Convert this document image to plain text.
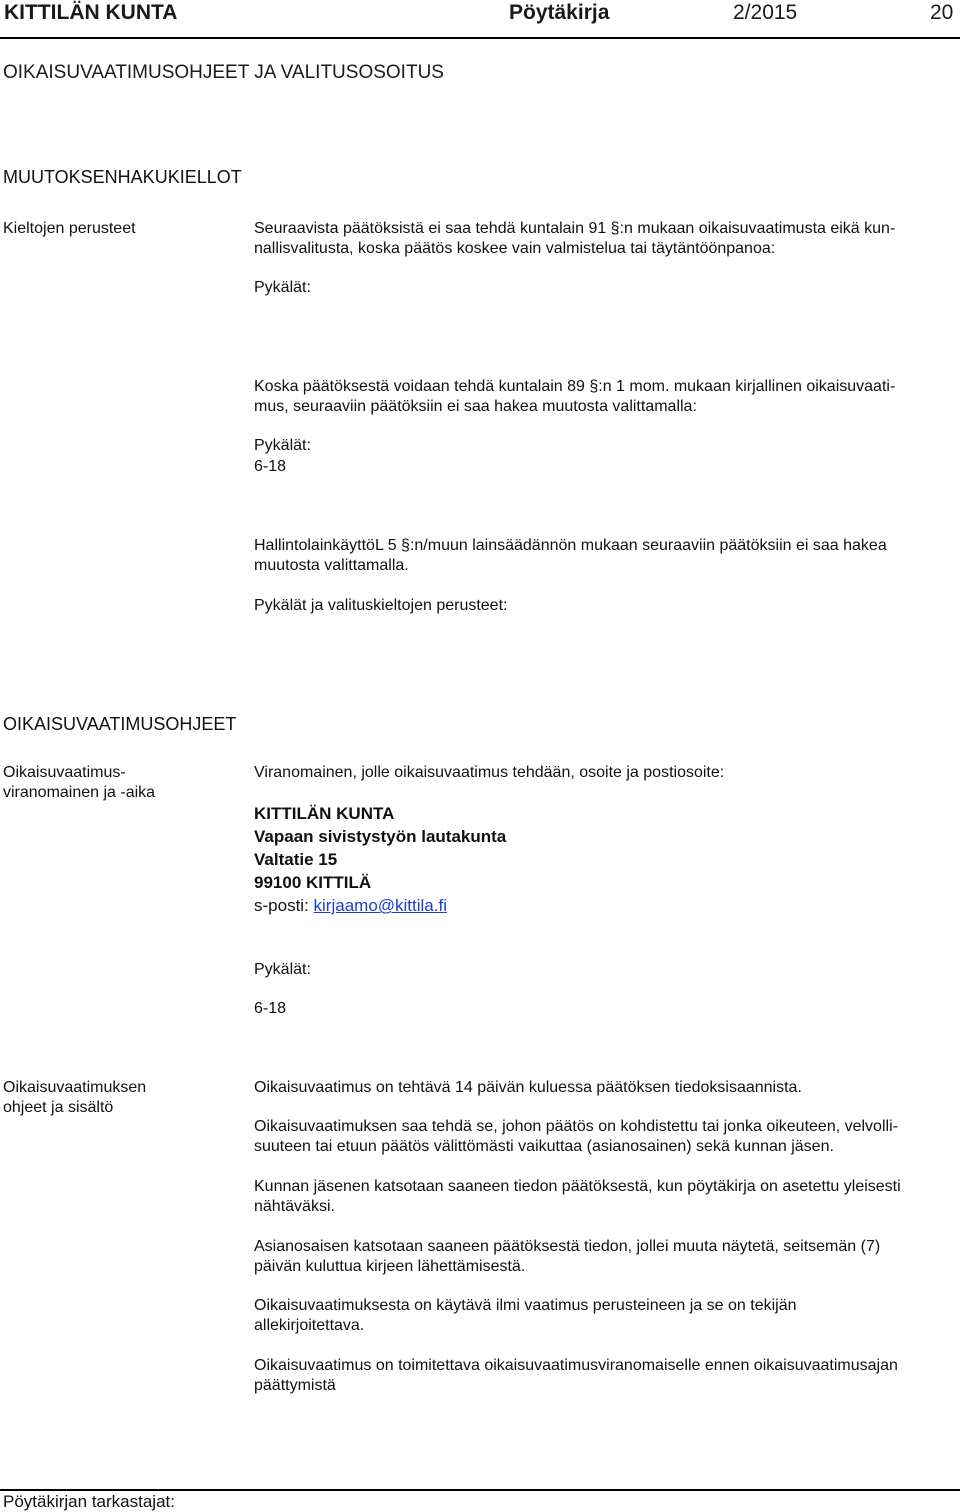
KITTILÄN KUNTA	Pöytäkirja	2/2015	20
OIKAISUVAATIMUSOHJEET JA VALITUSOSOITUS
MUUTOKSENHAKUKIELLOT
Kieltojen perusteet	Seuraavista päätöksistä ei saa tehdä kuntalain 91 §:n mukaan oikaisuvaatimusta eikä kun-
nallisvalitusta, koska päätös koskee vain valmistelua tai täytäntöönpanoa:
Pykälät:
Koska päätöksestä voidaan tehdä kuntalain 89 §:n 1 mom. mukaan kirjallinen oikaisuvaati-
mus, seuraaviin päätöksiin ei saa hakea muutosta valittamalla:
Pykälät:
6-18
HallintolainkäyttöL 5 §:n/muun lainsäädännön mukaan seuraaviin päätöksiin ei saa hakea
muutosta valittamalla.
Pykälät ja valituskieltojen perusteet:
OIKAISUVAATIMUSOHJEET
Oikaisuvaatimus-
viranomainen ja -aika
Viranomainen, jolle oikaisuvaatimus tehdään, osoite ja postiosoite:
KITTILÄN KUNTA
Vapaan sivistystyön lautakunta
Valtatie 15
99100 KITTILÄ
s-posti: kirjaamo@kittila.fi
Pykälät:
6-18
Oikaisuvaatimuksen
ohjeet ja sisältö
Oikaisuvaatimus on tehtävä 14 päivän kuluessa päätöksen tiedoksisaannista.
Oikaisuvaatimuksen saa tehdä se, johon päätös on kohdistettu tai jonka oikeuteen, velvolli-
suuteen tai etuun päätös välittömästi vaikuttaa (asianosainen) sekä kunnan jäsen.
Kunnan jäsenen katsotaan saaneen tiedon päätöksestä, kun pöytäkirja on asetettu yleisesti
nähtäväksi.
Asianosaisen katsotaan saaneen päätöksestä tiedon, jollei muuta näytetä, seitsemän (7)
päivän kuluttua kirjeen lähettämisestä.
Oikaisuvaatimuksesta on käytävä ilmi vaatimus perusteineen ja se on tekijän
allekirjoitettava.
Oikaisuvaatimus on toimitettava oikaisuvaatimusviranomaiselle ennen oikaisuvaatimusajan
päättymistä
Pöytäkirjan tarkastajat:
